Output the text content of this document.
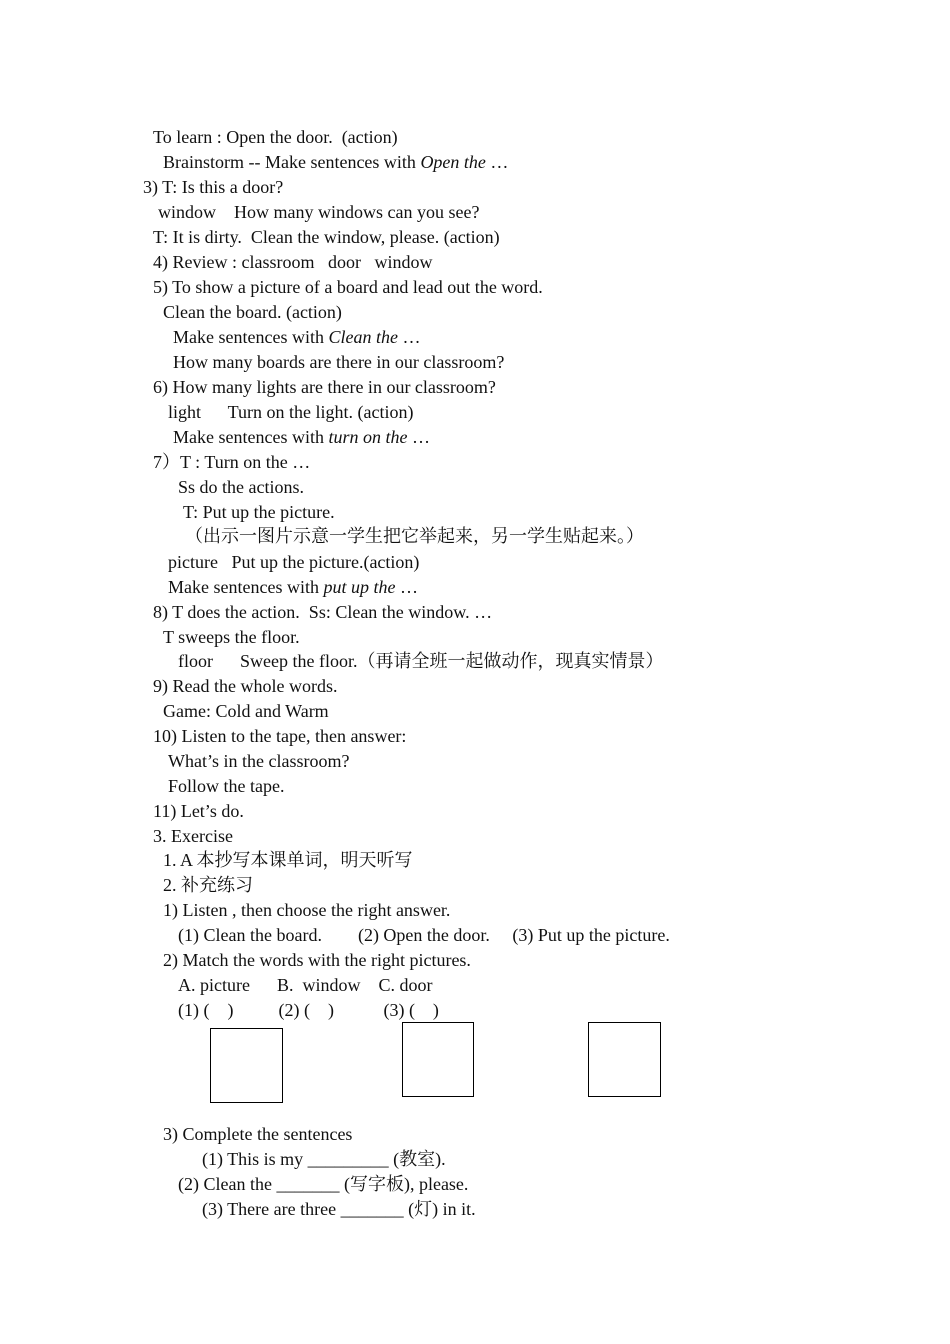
To learn : Open the door.  (action)
Brainstorm -- Make sentences with Open the …
3) T: Is this a door?
window    How many windows can you see?
T: It is dirty.  Clean the window, please. (action)
4) Review : classroom   door   window
5) To show a picture of a board and lead out the word.
Clean the board. (action)
Make sentences with Clean the …
How many boards are there in our classroom?
6) How many lights are there in our classroom?
light      Turn on the light. (action)
Make sentences with turn on the …
7）T : Turn on the …
Ss do the actions.
T: Put up the picture.
（出示一图片示意一学生把它举起来，另一学生贴起来。）
picture   Put up the picture.(action)
Make sentences with put up the …
8) T does the action.  Ss: Clean the window. …
T sweeps the floor.
floor      Sweep the floor.（再请全班一起做动作，现真实情景）
9) Read the whole words.
Game: Cold and Warm
10) Listen to the tape, then answer:
What’s in the classroom?
Follow the tape.
11) Let’s do.
3. Exercise
1. A 本抄写本课单词，明天听写
2. 补充练习
1) Listen , then choose the right answer.
(1) Clean the board.        (2) Open the door.     (3) Put up the picture.
2) Match the words with the right pictures.
A. picture      B.  window    C. door
(1) (    )          (2) (    )           (3) (    )
3) Complete the sentences
(1) This is my _________ (教室).
(2) Clean the _______ (写字板), please.
(3) There are three _______ (灯) in it.
